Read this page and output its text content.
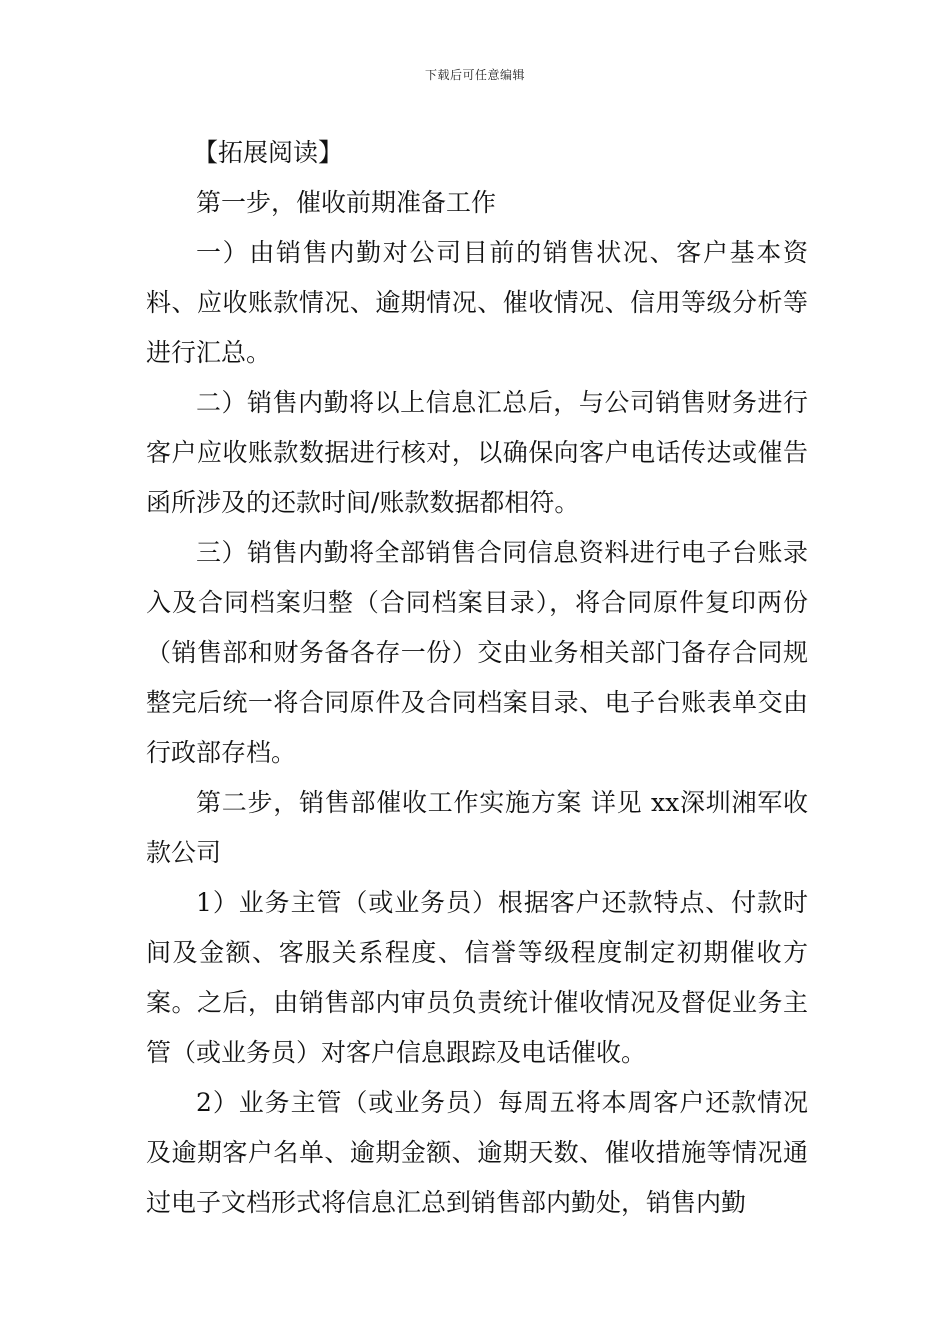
下载后可任意编辑

【拓展阅读】

第一步，催收前期准备工作

一）由销售内勤对公司目前的销售状况、客户基本资料、应收账款情况、逾期情况、催收情况、信用等级分析等进行汇总。

二）销售内勤将以上信息汇总后，与公司销售财务进行客户应收账款数据进行核对，以确保向客户电话传达或催告函所涉及的还款时间/账款数据都相符。

三）销售内勤将全部销售合同信息资料进行电子台账录入及合同档案归整（合同档案目录），将合同原件复印两份（销售部和财务备各存一份）交由业务相关部门备存合同规整完后统一将合同原件及合同档案目录、电子台账表单交由行政部存档。

第二步，销售部催收工作实施方案 详见 xx深圳湘军收款公司

1）业务主管（或业务员）根据客户还款特点、付款时间及金额、客服关系程度、信誉等级程度制定初期催收方案。之后，由销售部内审员负责统计催收情况及督促业务主管（或业务员）对客户信息跟踪及电话催收。

2）业务主管（或业务员）每周五将本周客户还款情况及逾期客户名单、逾期金额、逾期天数、催收措施等情况通过电子文档形式将信息汇总到销售部内勤处，销售内勤
